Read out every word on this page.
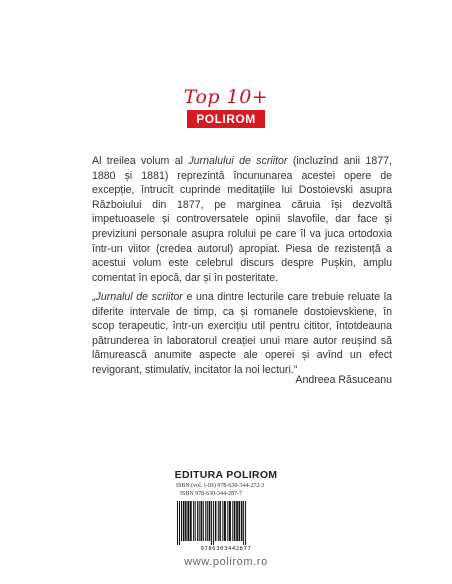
Top 10+
POLIROM

Al treilea volum al Jurnalului de scriitor (incluzînd anii 1877, 1880 și 1881) reprezintă încununarea acestei opere de excepție, întrucît cuprinde meditațiile lui Dostoievski asupra Războiului din 1877, pe marginea căruia își dezvoltă impetuoasele și controversatele opinii slavofile, dar face și previziuni personale asupra rolului pe care îl va juca ortodoxia într-un viitor (credea autorul) apropiat. Piesa de rezistență a acestui volum este celebrul discurs despre Pușkin, amplu comentat în epocă, dar și în posteritate.

„Jurnalul de scriitor e una dintre lecturile care trebuie reluate la diferite intervale de timp, ca și romanele dostoievskiene, în scop terapeutic, într-un exercițiu util pentru cititor, întotdeauna pătrunderea în laboratorul creației unui mare autor reușind să lămurească anumite aspecte ale operei și avînd un efect revigorant, stimulativ, incitator la noi lecturi.”

Andreea Răsuceanu
EDITURA POLIROM
ISBN (vol. I-III) 978-630-344-272-3
ISBN 978-630-344-287-7
9786303442877
www.polirom.ro
